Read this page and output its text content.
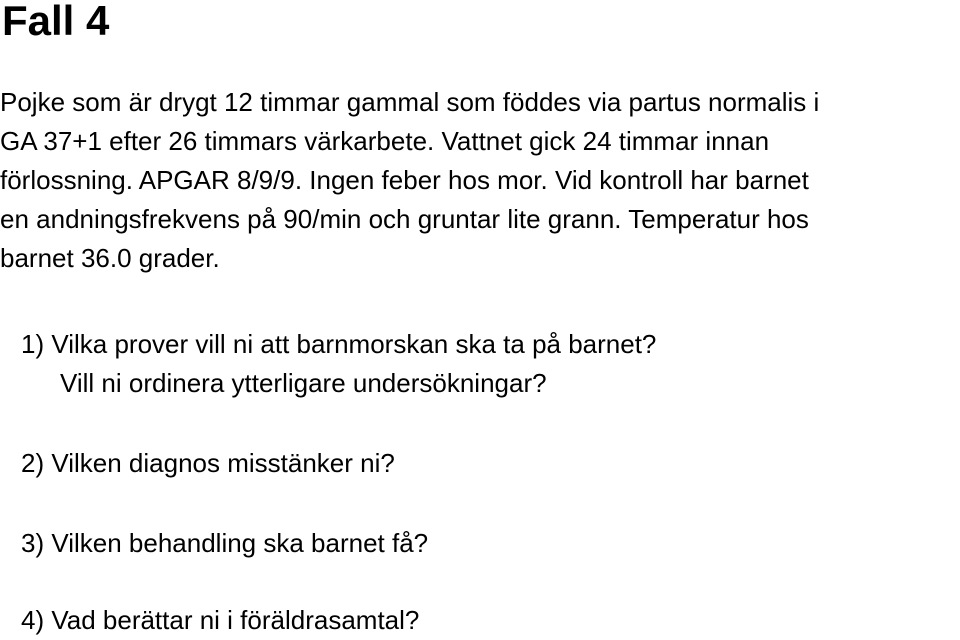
Fall 4

Pojke som är drygt 12 timmar gammal som föddes via partus normalis i

GA 37+1 efter 26 timmars värkarbete. Vattnet gick 24 timmar innan

förlossning. APGAR 8/9/9. Ingen feber hos mor. Vid kontroll har barnet

en andningsfrekvens på 90/min och gruntar lite grann. Temperatur hos

barnet 36.0 grader.

1) Vilka prover vill ni att barnmorskan ska ta på barnet?

Vill ni ordinera ytterligare undersökningar?

2) Vilken diagnos misstänker ni?

3) Vilken behandling ska barnet få?

4) Vad berättar ni i föräldrasamtal?
